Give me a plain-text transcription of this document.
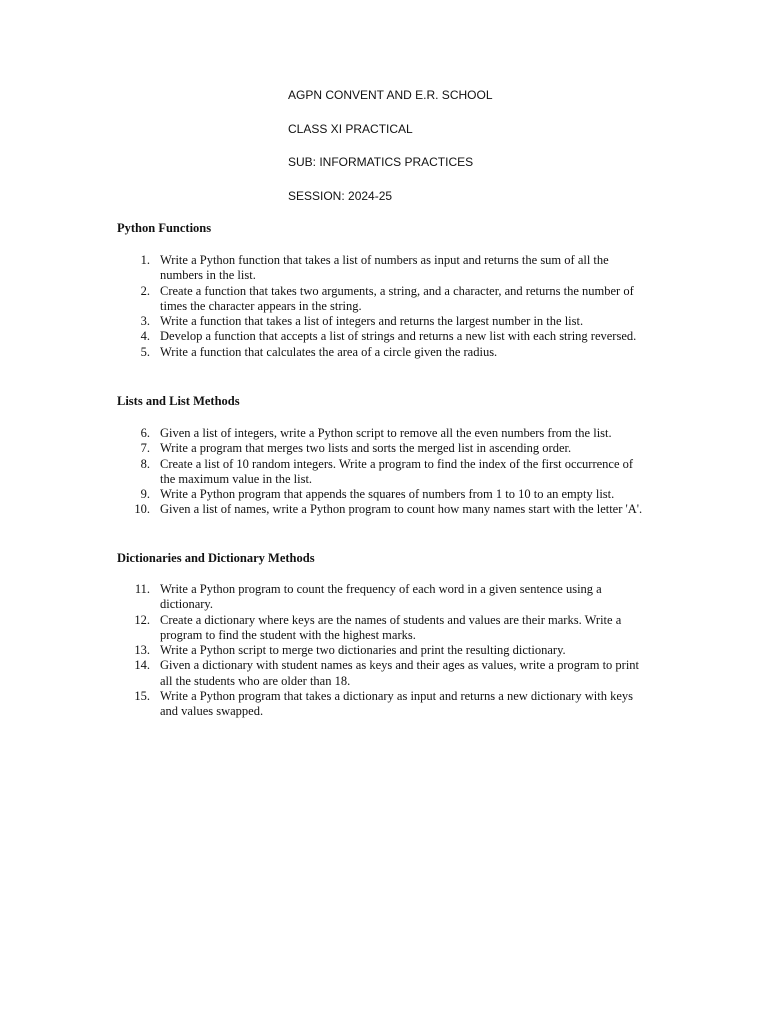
AGPN CONVENT AND E.R. SCHOOL
CLASS XI PRACTICAL
SUB: INFORMATICS PRACTICES
SESSION: 2024-25
Python Functions
1. Write a Python function that takes a list of numbers as input and returns the sum of all the numbers in the list.
2. Create a function that takes two arguments, a string, and a character, and returns the number of times the character appears in the string.
3. Write a function that takes a list of integers and returns the largest number in the list.
4. Develop a function that accepts a list of strings and returns a new list with each string reversed.
5. Write a function that calculates the area of a circle given the radius.
Lists and List Methods
6. Given a list of integers, write a Python script to remove all the even numbers from the list.
7. Write a program that merges two lists and sorts the merged list in ascending order.
8. Create a list of 10 random integers. Write a program to find the index of the first occurrence of the maximum value in the list.
9. Write a Python program that appends the squares of numbers from 1 to 10 to an empty list.
10. Given a list of names, write a Python program to count how many names start with the letter 'A'.
Dictionaries and Dictionary Methods
11. Write a Python program to count the frequency of each word in a given sentence using a dictionary.
12. Create a dictionary where keys are the names of students and values are their marks. Write a program to find the student with the highest marks.
13. Write a Python script to merge two dictionaries and print the resulting dictionary.
14. Given a dictionary with student names as keys and their ages as values, write a program to print all the students who are older than 18.
15. Write a Python program that takes a dictionary as input and returns a new dictionary with keys and values swapped.
